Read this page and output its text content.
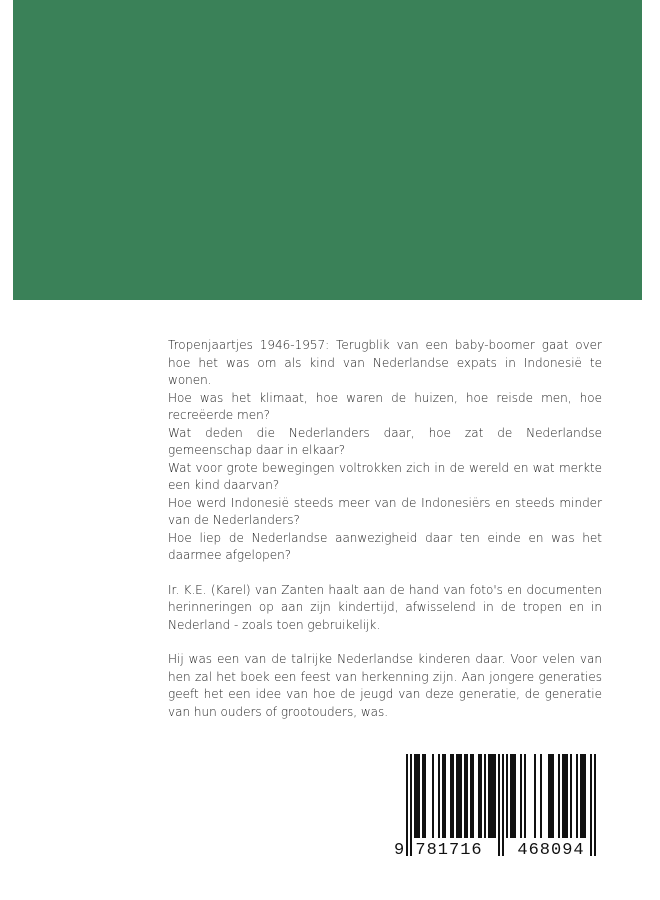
Tropenjaartjes 1946-1957: Terugblik van een baby-boomer gaat over hoe het was om als kind van Nederlandse expats in Indonesië te wonen.

Hoe was het klimaat, hoe waren de huizen, hoe reisde men, hoe recreëerde men?

Wat deden die Nederlanders daar, hoe zat de Nederlandse gemeenschap daar in elkaar?

Wat voor grote bewegingen voltrokken zich in de wereld en wat merkte een kind daarvan?

Hoe werd Indonesië steeds meer van de Indonesiërs en steeds minder van de Nederlanders?

Hoe liep de Nederlandse aanwezigheid daar ten einde en was het daarmee afgelopen?

Ir. K.E. (Karel) van Zanten haalt aan de hand van foto's en documenten herinneringen op aan zijn kindertijd, afwisselend in de tropen en in Nederland - zoals toen gebruikelijk.

Hij was een van de talrijke Nederlandse kinderen daar. Voor velen van hen zal het boek een feest van herkenning zijn. Aan jongere generaties geeft het een idee van hoe de jeugd van deze generatie, de generatie van hun ouders of grootouders, was.

9 781716 468094
